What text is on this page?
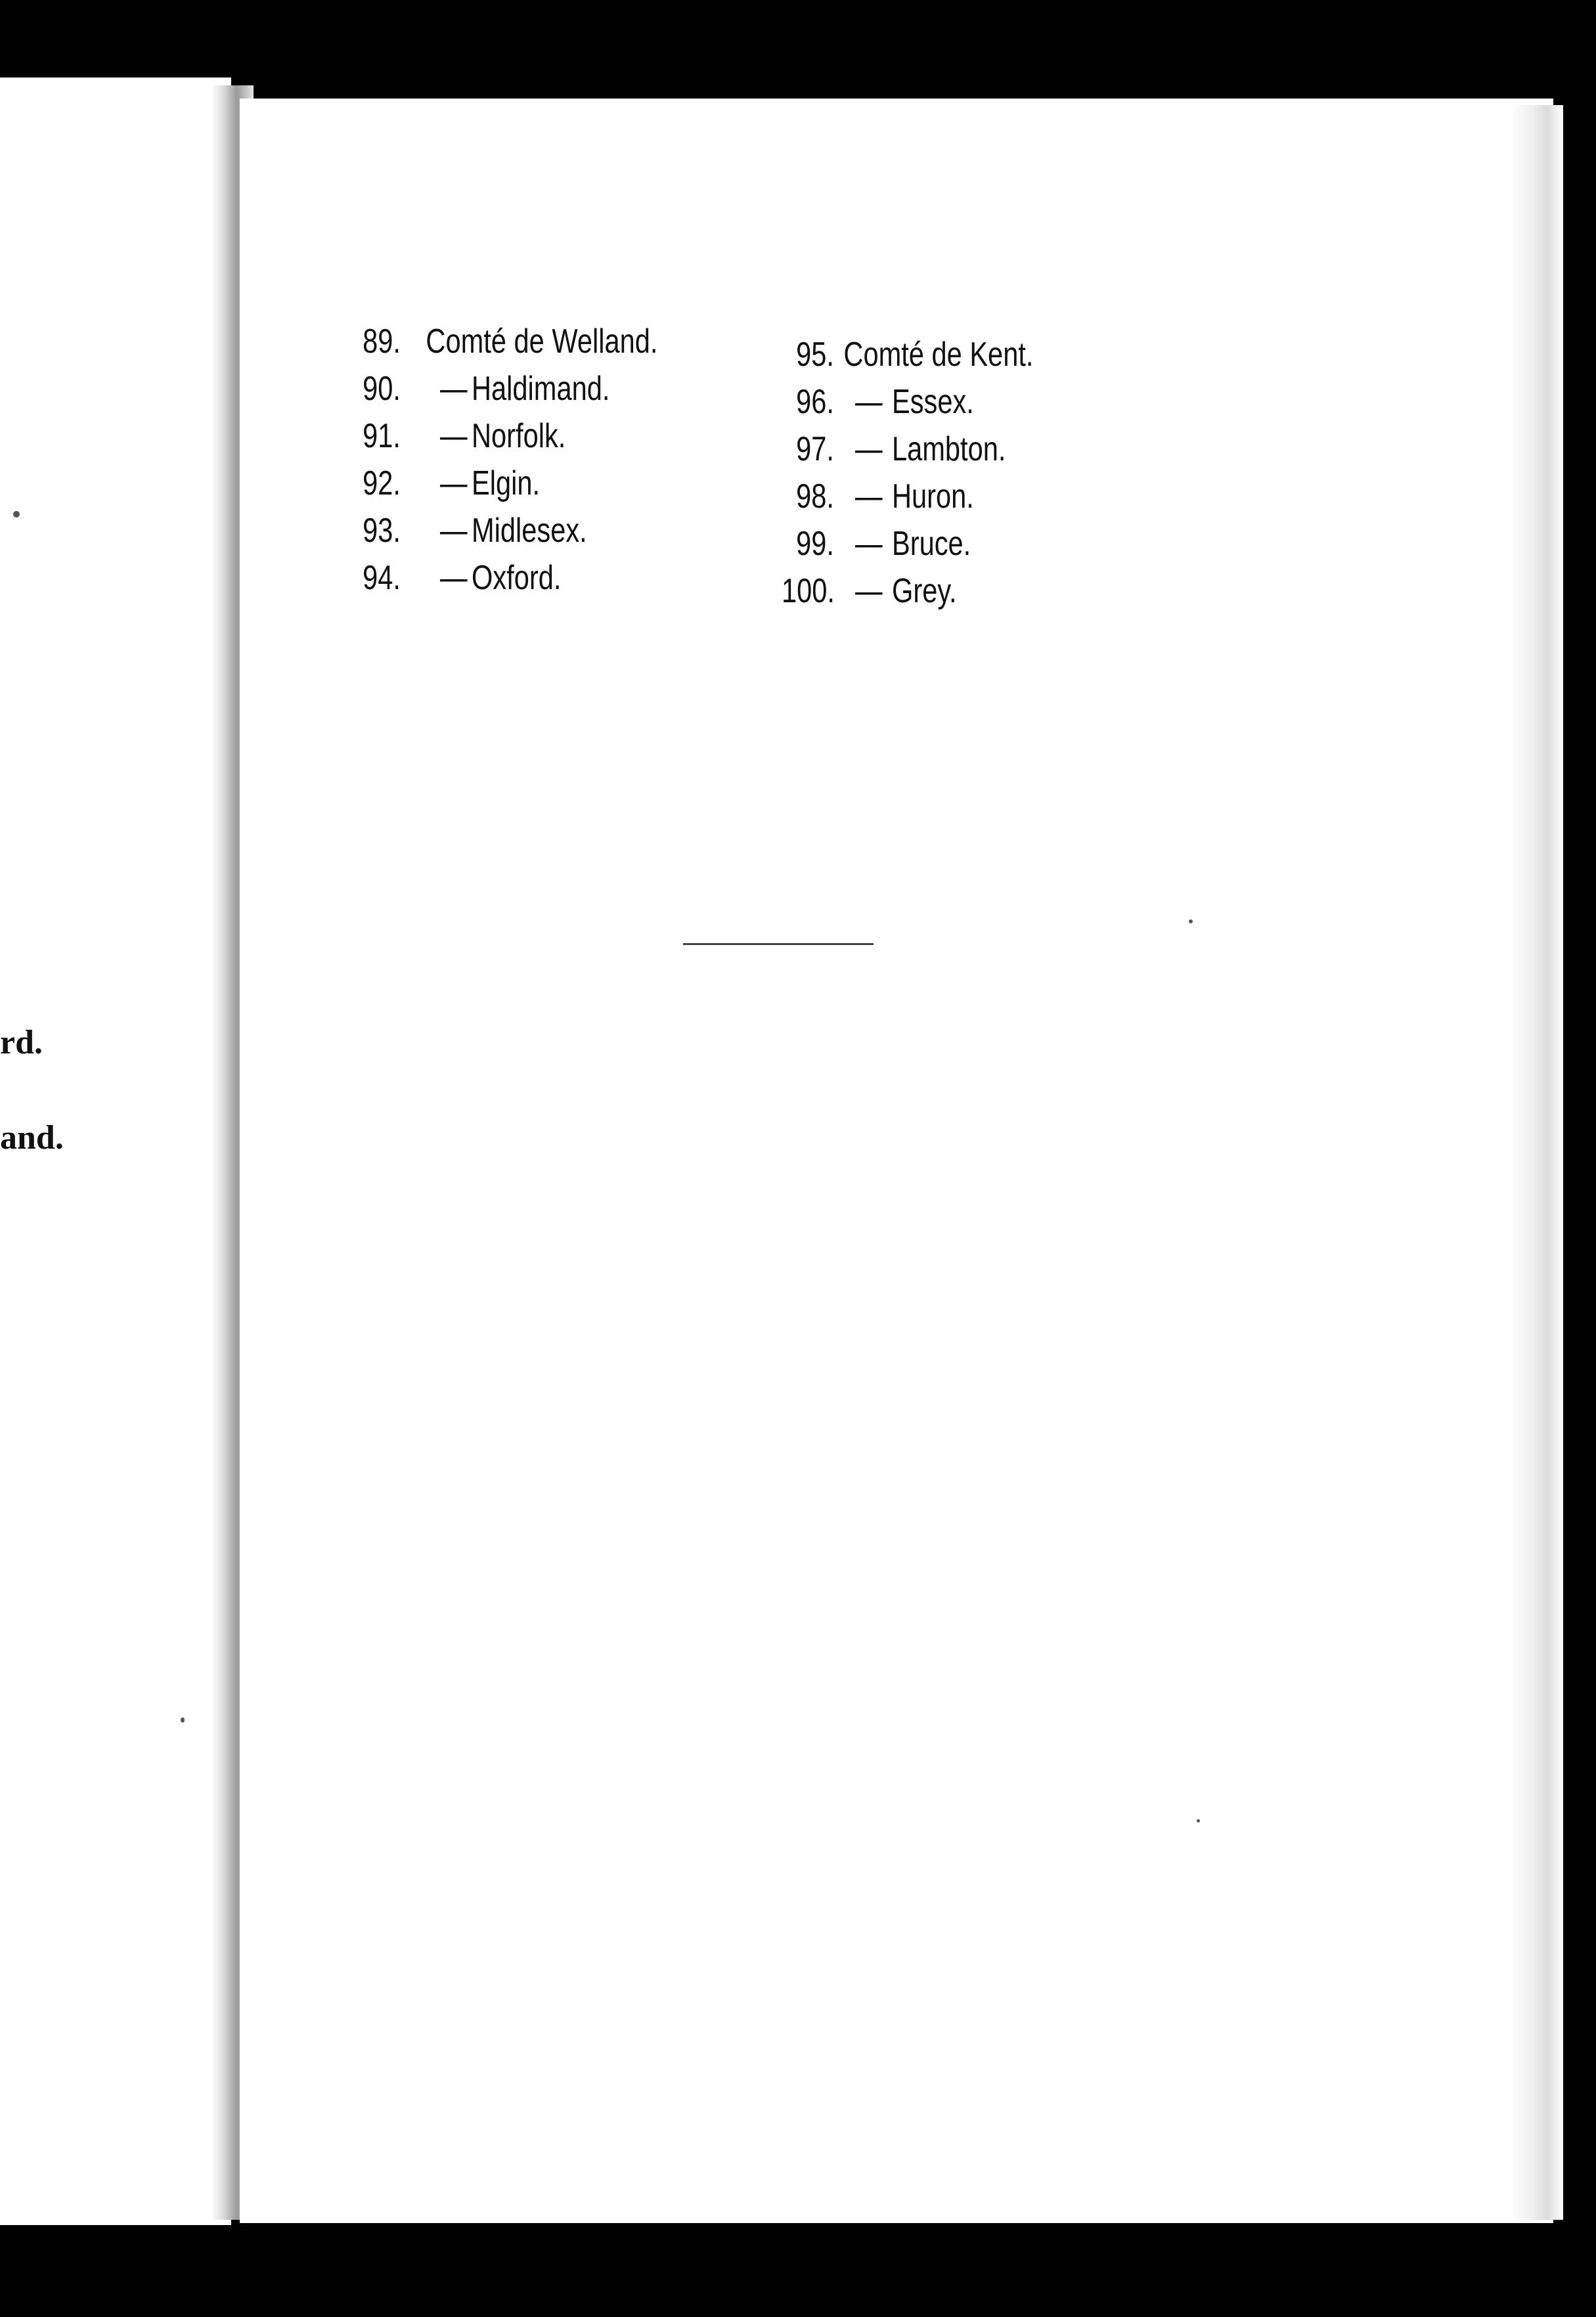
rd.
and.
89. Comté de Welland.
90. — Haldimand.
91. — Norfolk.
92. — Elgin.
93. — Midlesex.
94. — Oxford.
95. Comté de Kent.
96. — Essex.
97. — Lambton.
98. — Huron.
99. — Bruce.
100. — Grey.
